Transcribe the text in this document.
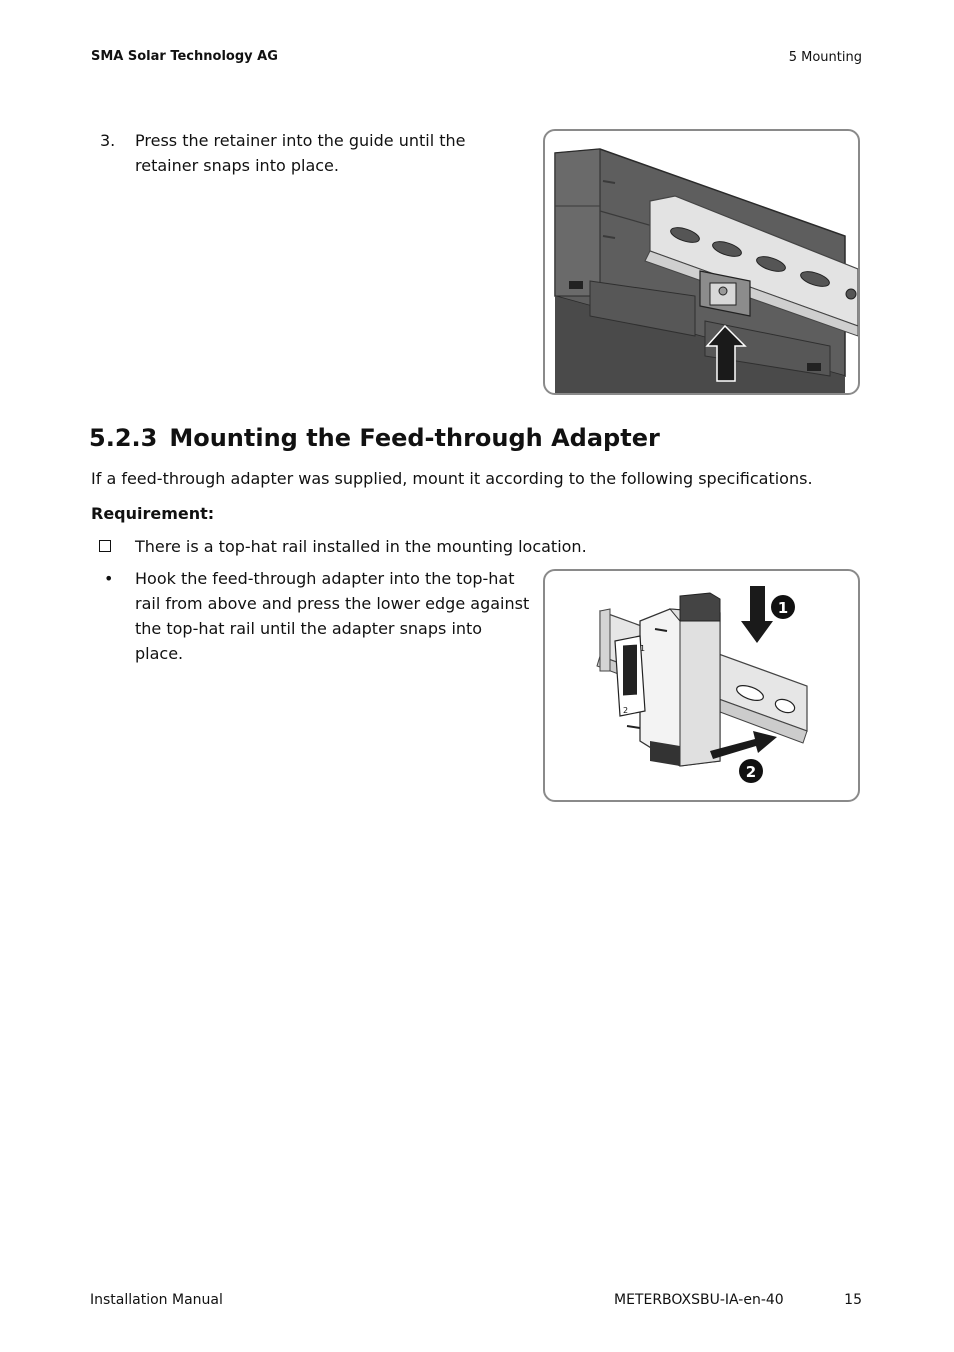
SMA Solar Technology AG	5 Mounting
3. Press the retainer into the guide until the retainer snaps into place.
5.2.3 Mounting the Feed-through Adapter
If a feed-through adapter was supplied, mount it according to the following specifications.
Requirement:
There is a top-hat rail installed in the mounting location.
• Hook the feed-through adapter into the top-hat rail from above and press the lower edge against the top-hat rail until the adapter snaps into place.	1
2
1
2
Installation Manual	METERBOXSBU-IA-en-40	15
